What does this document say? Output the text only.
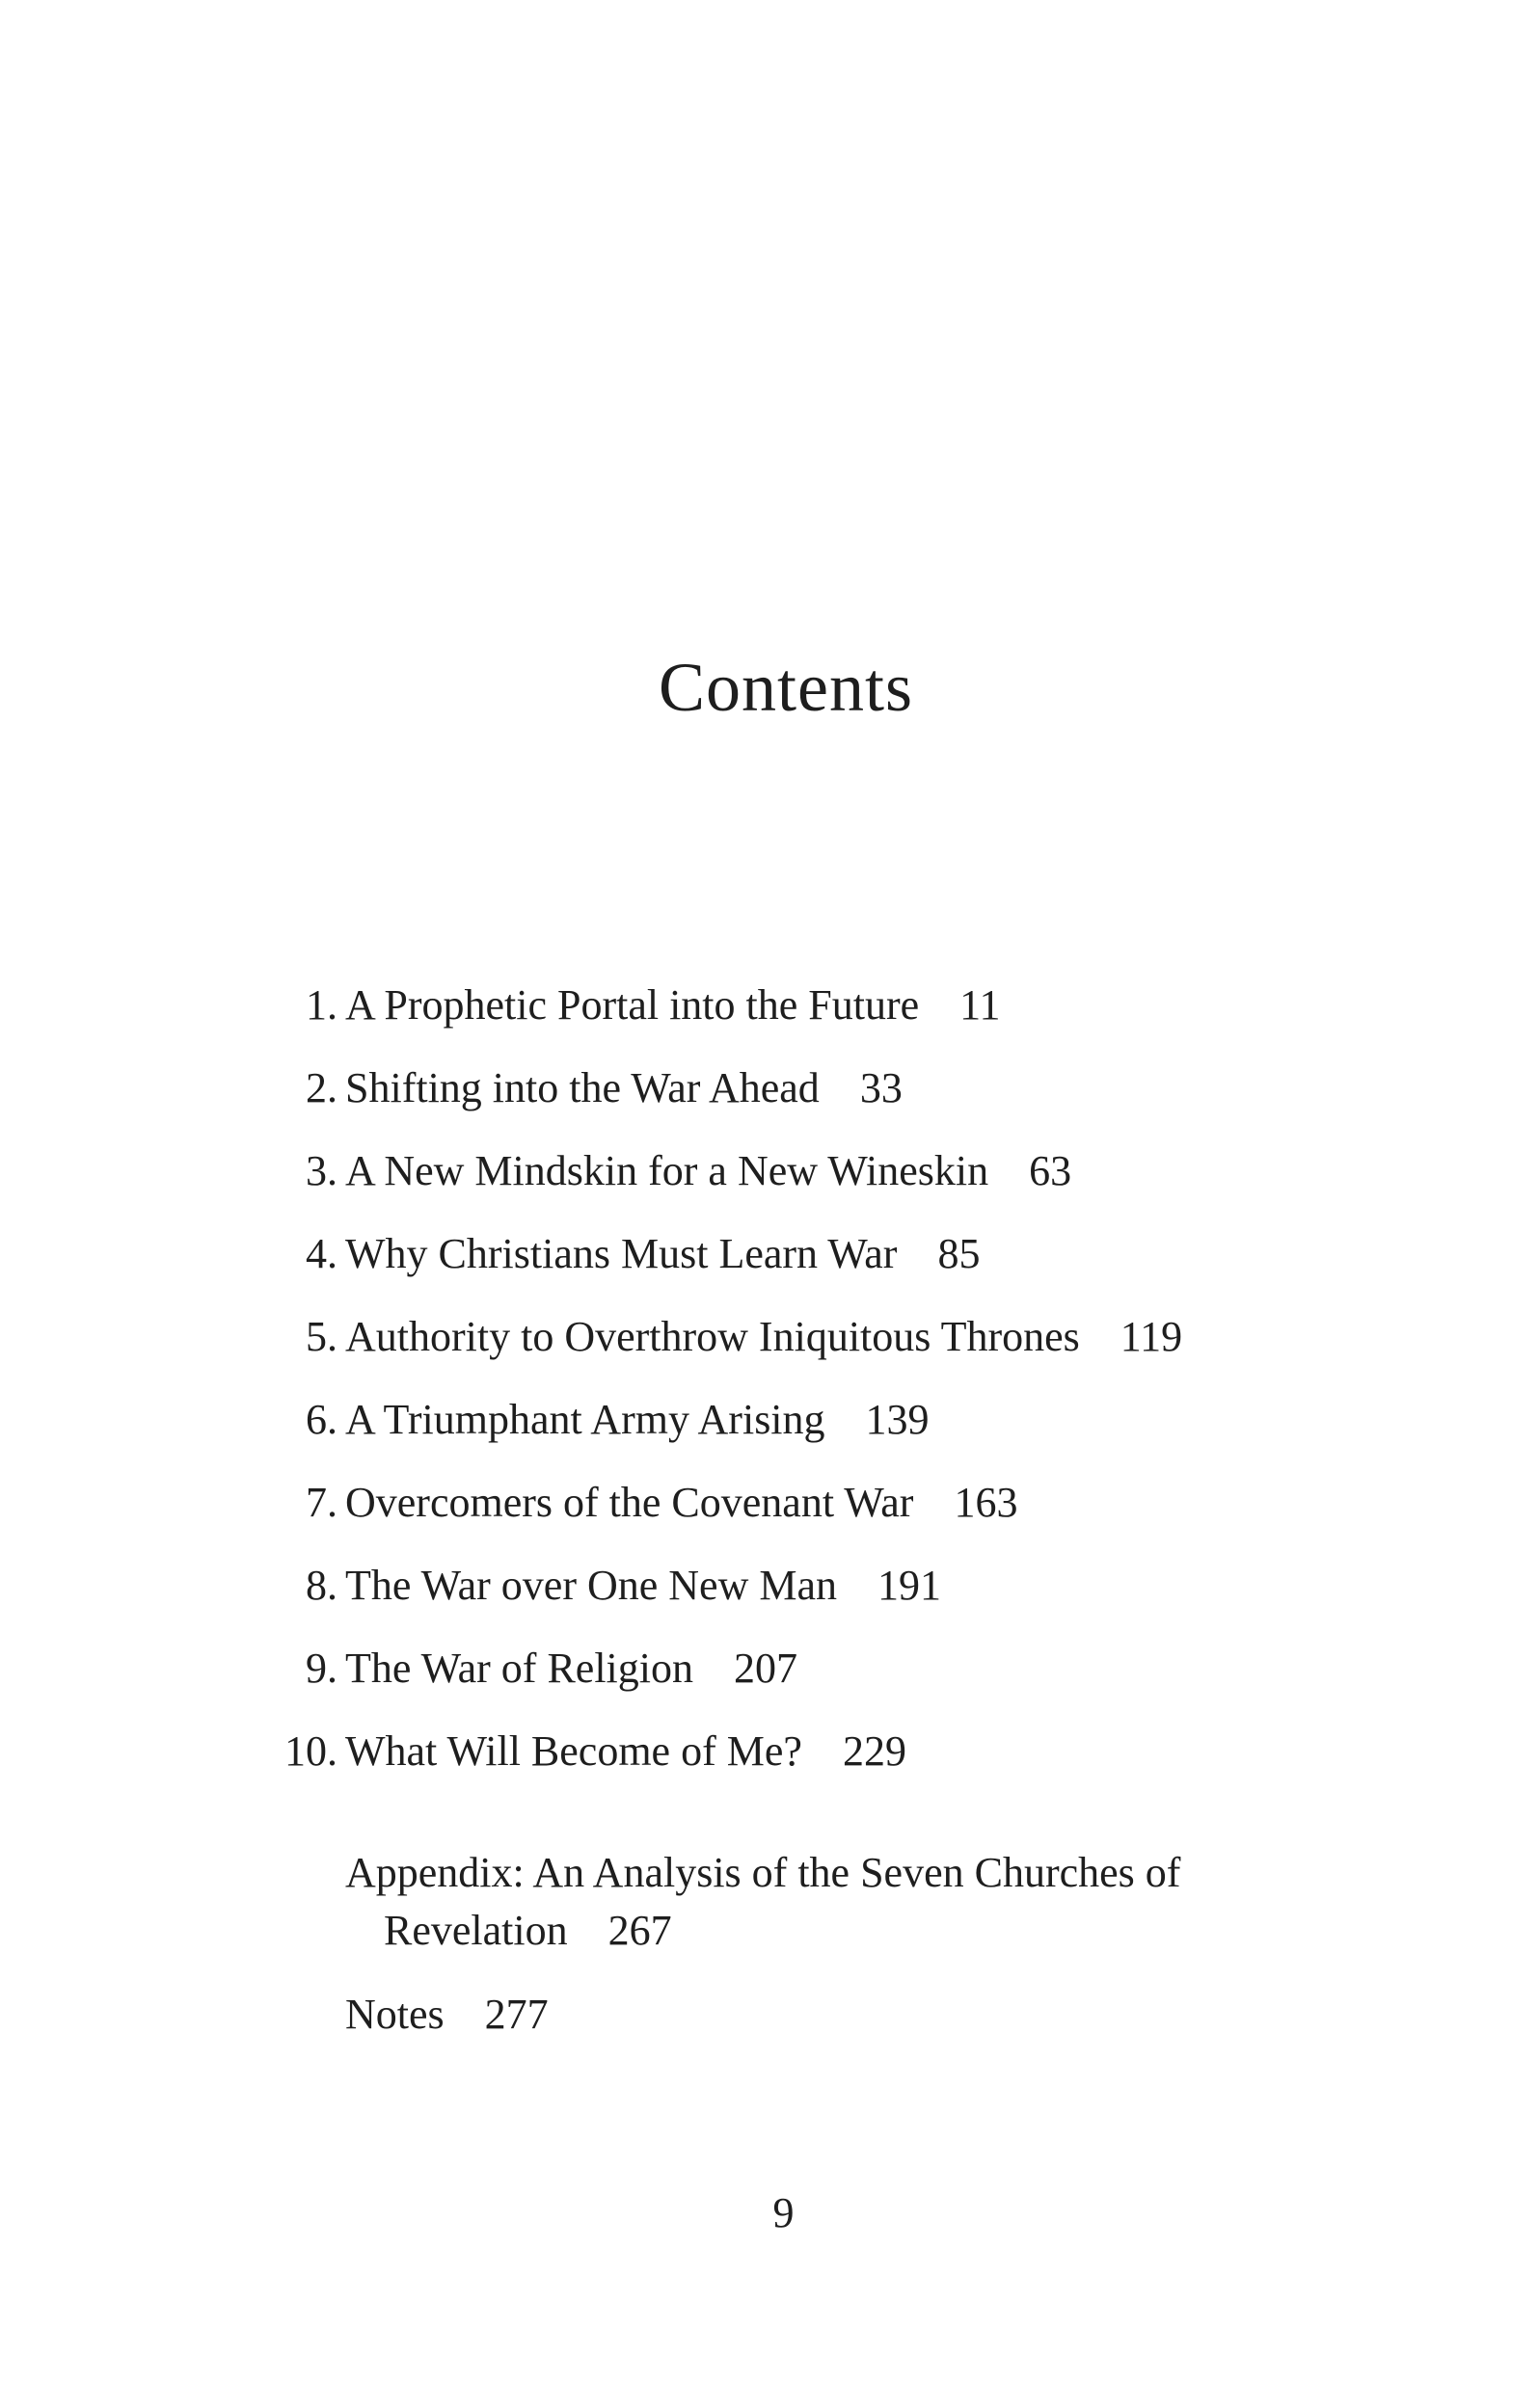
Contents
1. A Prophetic Portal into the Future 11
2. Shifting into the War Ahead 33
3. A New Mindskin for a New Wineskin 63
4. Why Christians Must Learn War 85
5. Authority to Overthrow Iniquitous Thrones 119
6. A Triumphant Army Arising 139
7. Overcomers of the Covenant War 163
8. The War over One New Man 191
9. The War of Religion 207
10. What Will Become of Me? 229
Appendix: An Analysis of the Seven Churches of
Revelation 267
Notes 277
9
